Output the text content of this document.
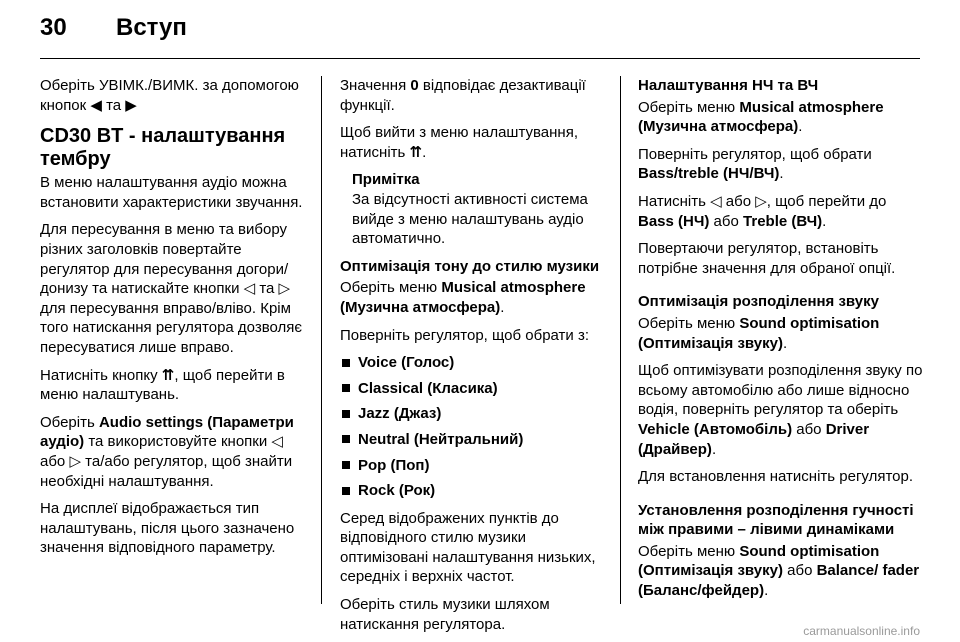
30 Вступ

Оберіть УВІМК./ВИМК. за допомогою кнопок ◀ та ▶

CD30 BT - налаштування тембру

В меню налаштування аудіо можна встановити характеристики звучання.

Для пересування в меню та вибору різних заголовків повертайте регулятор для пересування догори/донизу та натискайте кнопки ◁ та ▷ для пересування вправо/вліво. Крім того натискання регулятора дозволяє пересуватися лише вправо.

Натисніть кнопку ⇈, щоб перейти в меню налаштувань.

Оберіть Audio settings (Параметри аудіо) та використовуйте кнопки ◁ або ▷ та/або регулятор, щоб знайти необхідні налаштування.

На дисплеї відображається тип налаштувань, після цього зазначено значення відповідного параметру.

Значення 0 відповідає дезактивації функції.

Щоб вийти з меню налаштування, натисніть ⇈.

Примітка
За відсутності активності система вийде з меню налаштувань аудіо автоматично.

Оптимізація тону до стилю музики

Оберіть меню Musical atmosphere (Музична атмосфера).

Поверніть регулятор, щоб обрати з:

Voice (Голос)
Classical (Класика)
Jazz (Джаз)
Neutral (Нейтральний)
Pop (Поп)
Rock (Рок)

Серед відображених пунктів до відповідного стилю музики оптимізовані налаштування низьких, середніх і верхніх частот.

Оберіть стиль музики шляхом натискання регулятора.

Налаштування НЧ та ВЧ

Оберіть меню Musical atmosphere (Музична атмосфера).

Поверніть регулятор, щоб обрати Bass/treble (НЧ/ВЧ).

Натисніть ◁ або ▷, щоб перейти до Bass (НЧ) або Treble (ВЧ).

Повертаючи регулятор, встановіть потрібне значення для обраної опції.

Оптимізація розподілення звуку

Оберіть меню Sound optimisation (Оптимізація звуку).

Щоб оптимізувати розподілення звуку по всьому автомобілю або лише відносно водія, поверніть регулятор та оберіть Vehicle (Автомобіль) або Driver (Драйвер).

Для встановлення натисніть регулятор.

Установлення розподілення гучності між правими – лівими динаміками

Оберіть меню Sound optimisation (Оптимізація звуку) або Balance/ fader (Баланс/фейдер).

carmanualsonline.info
